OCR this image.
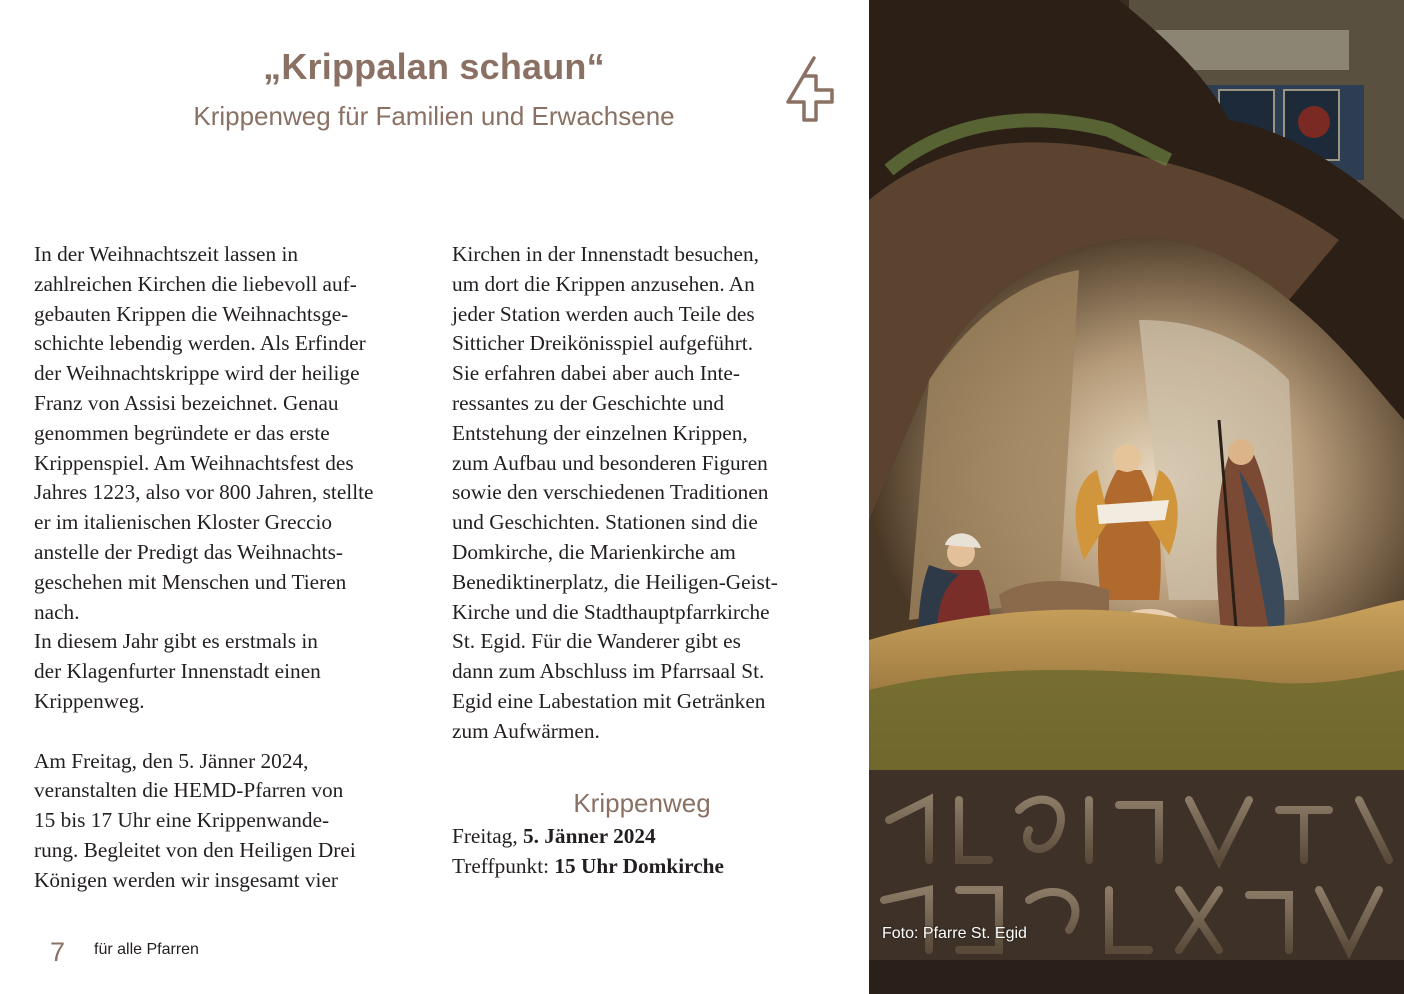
„Krippalan schaun“
Krippenweg für Familien und Erwachsene

In der Weihnachtszeit lassen in
zahlreichen Kirchen die liebevoll auf-
gebauten Krippen die Weihnachtsge-
schichte lebendig werden. Als Erfinder
der Weihnachtskrippe wird der heilige
Franz von Assisi bezeichnet. Genau
genommen begründete er das erste
Krippenspiel. Am Weihnachtsfest des
Jahres 1223, also vor 800 Jahren, stellte
er im italienischen Kloster Greccio
anstelle der Predigt das Weihnachts-
geschehen mit Menschen und Tieren
nach.
In diesem Jahr gibt es erstmals in
der Klagenfurter Innenstadt einen
Krippenweg.

Am Freitag, den 5. Jänner 2024,
veranstalten die HEMD-Pfarren von
15 bis 17 Uhr eine Krippenwande-
rung. Begleitet von den Heiligen Drei
Königen werden wir insgesamt vier

Kirchen in der Innenstadt besuchen,
um dort die Krippen anzusehen. An
jeder Station werden auch Teile des
Sitticher Dreikönisspiel aufgeführt.
Sie erfahren dabei aber auch Inte-
ressantes zu der Geschichte und
Entstehung der einzelnen Krippen,
zum Aufbau und besonderen Figuren
sowie den verschiedenen Traditionen
und Geschichten. Stationen sind die
Domkirche, die Marienkirche am
Benediktinerplatz, die Heiligen-Geist-
Kirche und die Stadthauptpfarrkirche
St. Egid. Für die Wanderer gibt es
dann zum Abschluss im Pfarrsaal St.
Egid eine Labestation mit Getränken
zum Aufwärmen.

Krippenweg
Freitag, 5. Jänner 2024
Treffpunkt: 15 Uhr Domkirche
7 für alle Pfarren
Foto: Pfarre St. Egid
